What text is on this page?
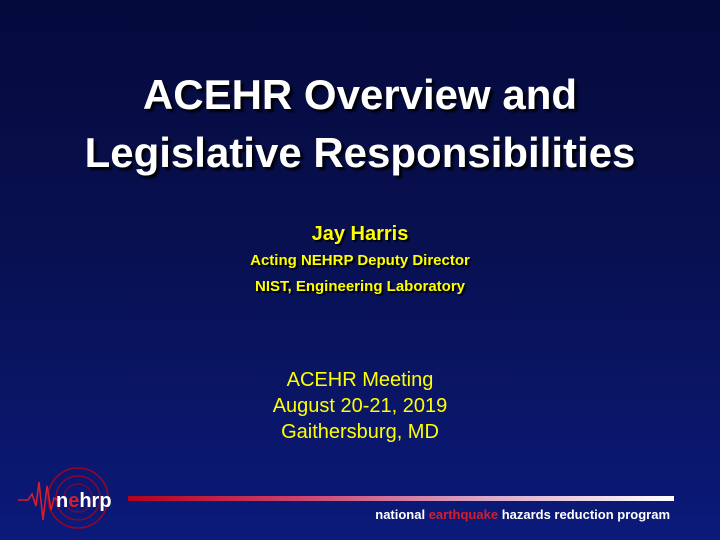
ACEHR Overview and
Legislative Responsibilities
Jay Harris
Acting NEHRP Deputy Director
NIST, Engineering Laboratory
ACEHR Meeting
August 20-21, 2019
Gaithersburg, MD
nehrp
national earthquake hazards reduction program
